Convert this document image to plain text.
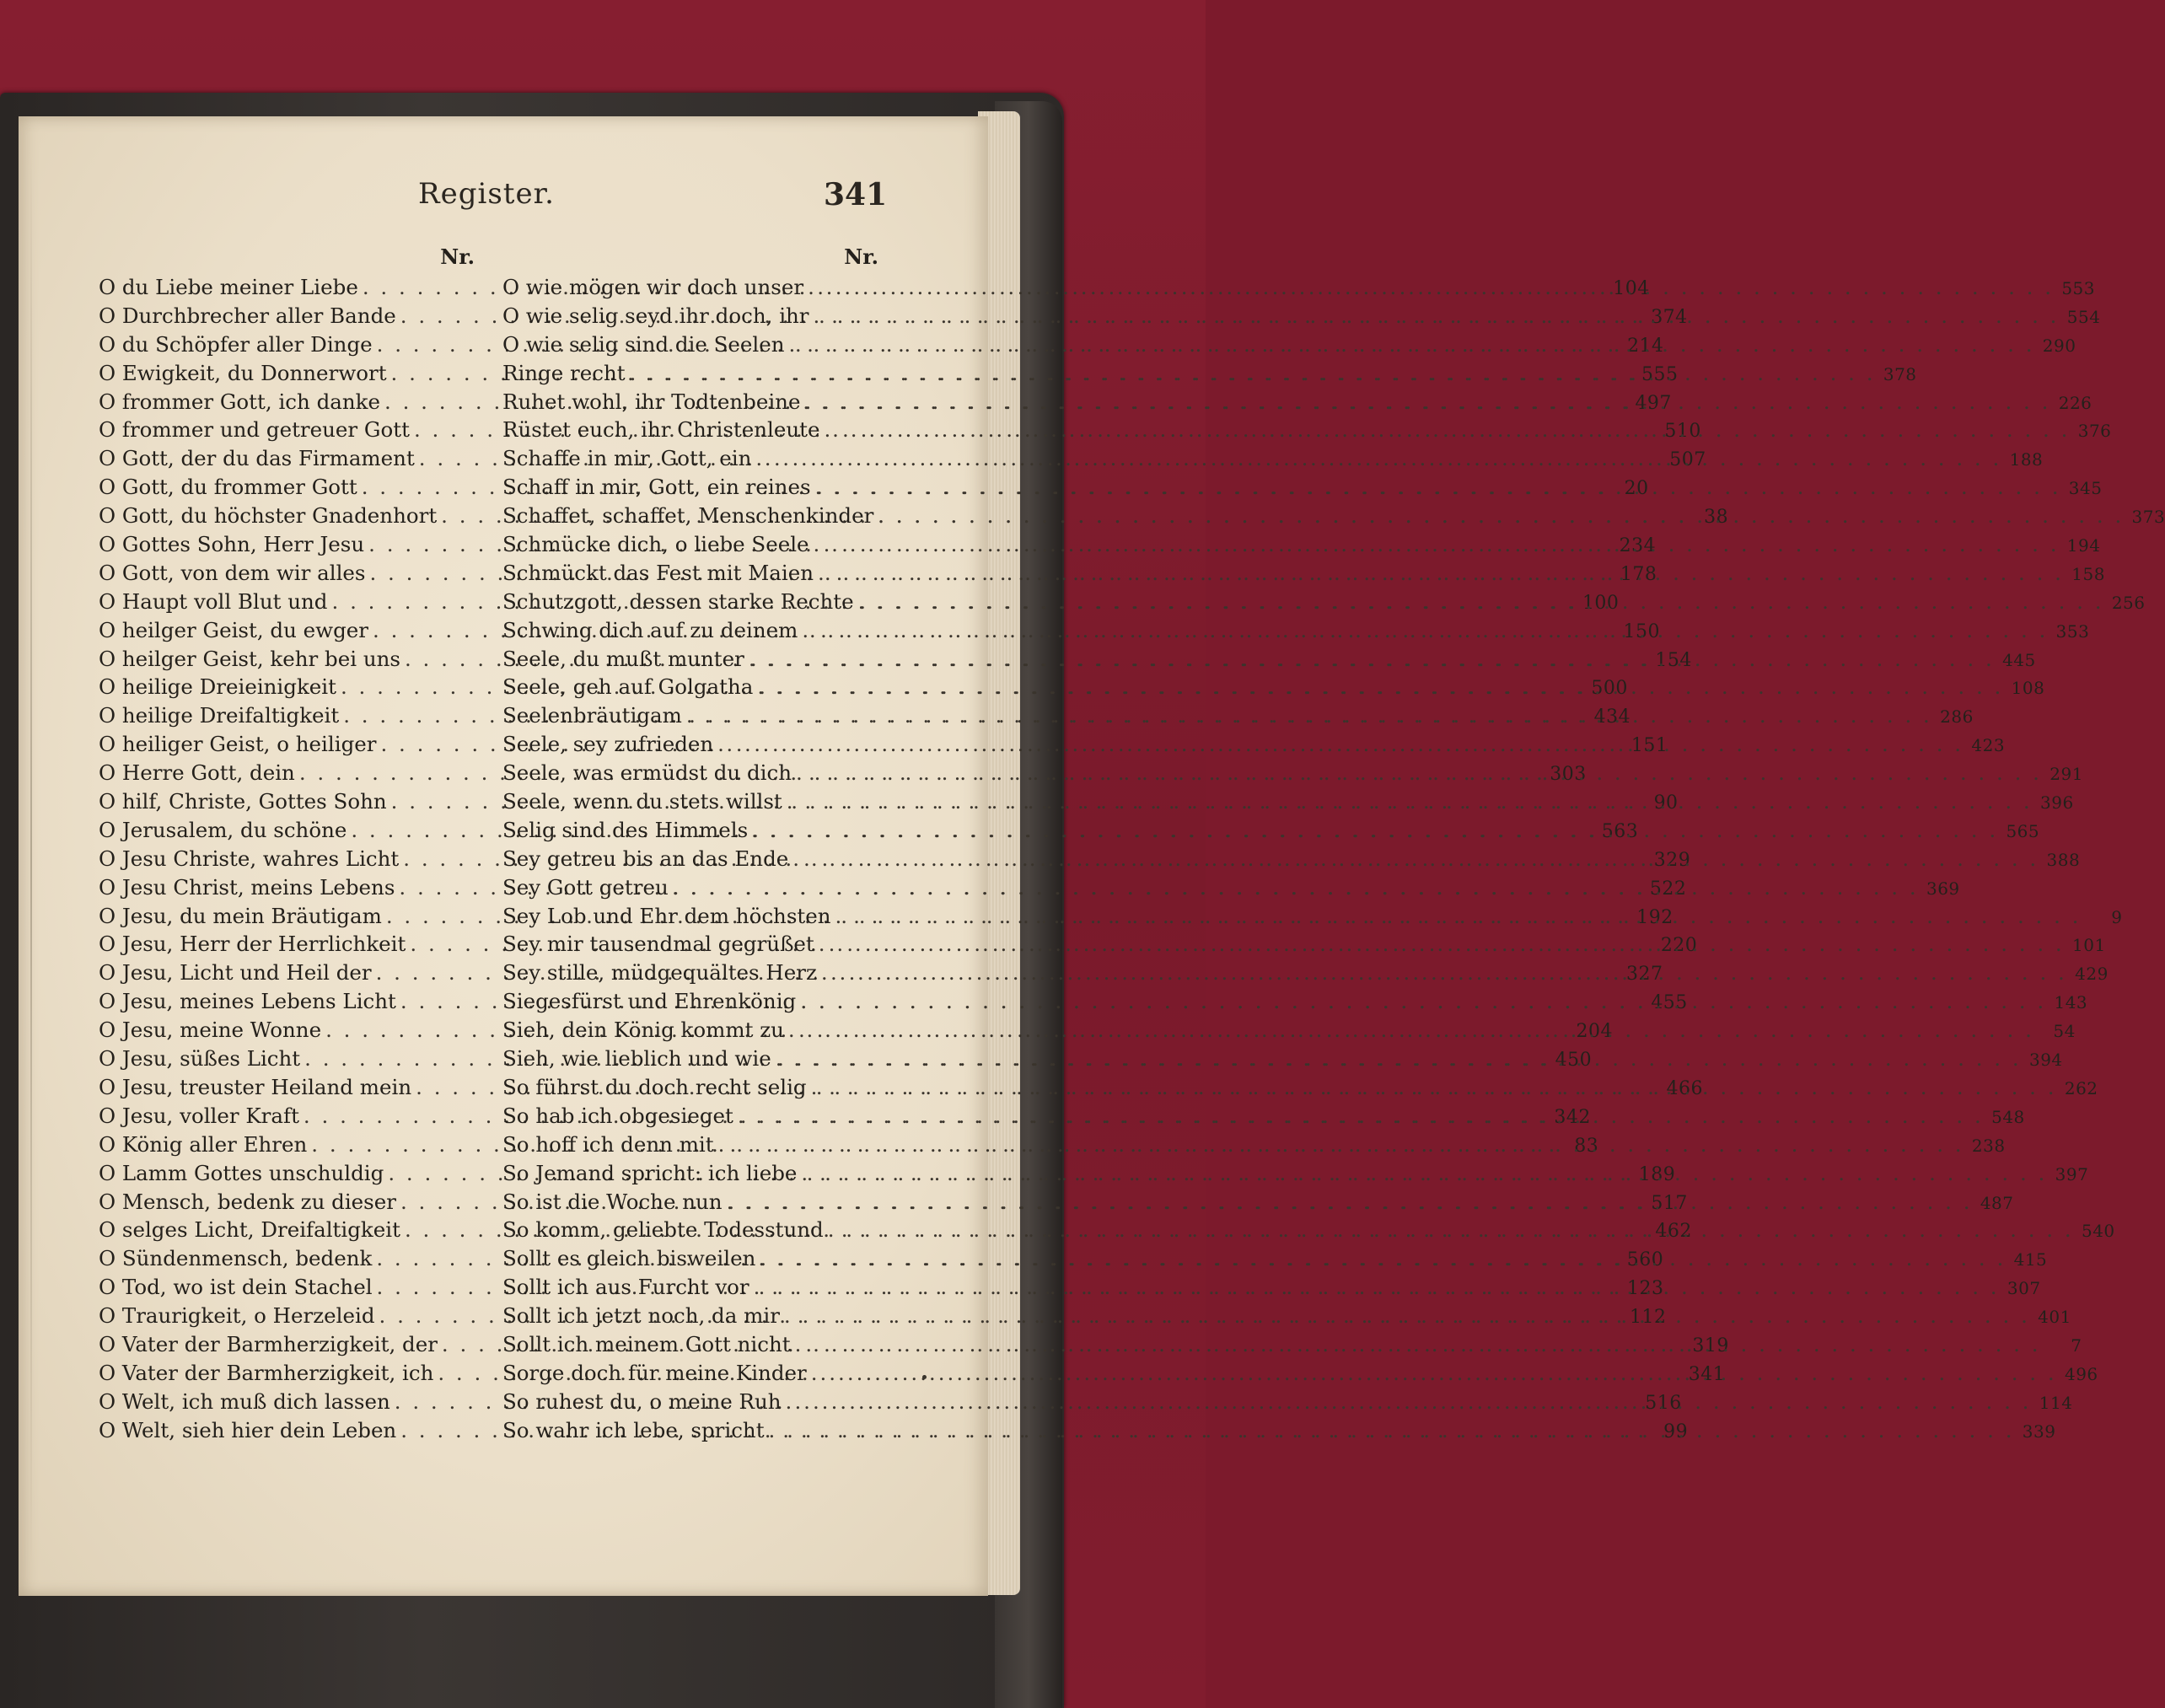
Register.	341
Nr.
O du Liebe meiner Liebe . . .	104
O Durchbrecher aller Bande . . .	374
O du Schöpfer aller Dinge . . .	214
O Ewigkeit, du Donnerwort . . .	555
O frommer Gott, ich danke . . .	497
O frommer und getreuer Gott . . .	510
O Gott, der du das Firmament . . .	507
O Gott, du frommer Gott . . .	20
O Gott, du höchster Gnadenhort . . .	38
O Gottes Sohn, Herr Jesu . . .	234
O Gott, von dem wir alles . . .	178
O Haupt voll Blut und . . .	100
O heilger Geist, du ewger . . .	150
O heilger Geist, kehr bei uns . . .	154
O heilige Dreieinigkeit . . .	500
O heilige Dreifaltigkeit . . .	434
O heiliger Geist, o heiliger . . .	151
O Herre Gott, dein . . .	303
O hilf, Christe, Gottes Sohn . . .	90
O Jerusalem, du schöne . . .	563
O Jesu Christe, wahres Licht . . .	329
O Jesu Christ, meins Lebens . . .	522
O Jesu, du mein Bräutigam . . .	192
O Jesu, Herr der Herrlichkeit . . .	220
O Jesu, Licht und Heil der . . .	327
O Jesu, meines Lebens Licht . . .	455
O Jesu, meine Wonne . . .	204
O Jesu, süßes Licht . . .	450
O Jesu, treuster Heiland mein . . .	466
O Jesu, voller Kraft . . .	342
O König aller Ehren . . .	83
O Lamm Gottes unschuldig . . .	189
O Mensch, bedenk zu dieser . . .	517
O selges Licht, Dreifaltigkeit . . .	462
O Sündenmensch, bedenk . . .	560
O Tod, wo ist dein Stachel . . .	123
O Traurigkeit, o Herzeleid . . .	112
O Vater der Barmherzigkeit, der . . .	319
O Vater der Barmherzigkeit, ich . . .	341
O Welt, ich muß dich lassen . . .	516
O Welt, sieh hier dein Leben . . .	99
Nr.
O wie mögen wir doch unser . . .	553
O wie selig seyd ihr doch, ihr . . .	554
O wie selig sind die Seelen . . .	290
Ringe recht . . .	378
Ruhet wohl, ihr Todtenbeine . . .	226
Rüstet euch, ihr Christenleute . . .	376
Schaffe in mir, Gott, ein . . .	188
Schaff in mir, Gott, ein reines . . .	345
Schaffet, schaffet, Menschenkinder . . .	373
Schmücke dich, o liebe Seele . . .	194
Schmückt das Fest mit Maien . . .	158
Schutzgott, dessen starke Rechte . . .	256
Schwing dich auf zu deinem . . .	353
Seele, du mußt munter . . .	445
Seele, geh auf Golgatha . . .	108
Seelenbräutigam . . .	286
Seele, sey zufrieden . . .	423
Seele, was ermüdst du dich . . .	291
Seele, wenn du stets willst . . .	396
Selig sind des Himmels . . .	565
Sey getreu bis an das Ende . . .	388
Sey Gott getreu . . .	369
Sey Lob und Ehr dem höchsten . . .	9
Sey mir tausendmal gegrüßet . . .	101
Sey stille, müdgequältes Herz . . .	429
Siegesfürst und Ehrenkönig . . .	143
Sieh, dein König kommt zu . . .	54
Sieh, wie lieblich und wie . . .	394
So führst du doch recht selig . . .	262
So hab ich obgesieget . . .	548
So hoff ich denn mit . . .	238
So Jemand spricht: ich liebe . . .	397
So ist die Woche nun . . .	487
So komm, geliebte Todesstund . . .	540
Sollt es gleich bisweilen . . .	415
Sollt ich aus Furcht vor . . .	307
Sollt ich jetzt noch, da mir . . .	401
Sollt ich meinem Gott nicht . . .	7
Sorge doch für meine Kinder . . .	496
So ruhest du, o meine Ruh . . .	114
So wahr ich lebe, spricht . . .	339
